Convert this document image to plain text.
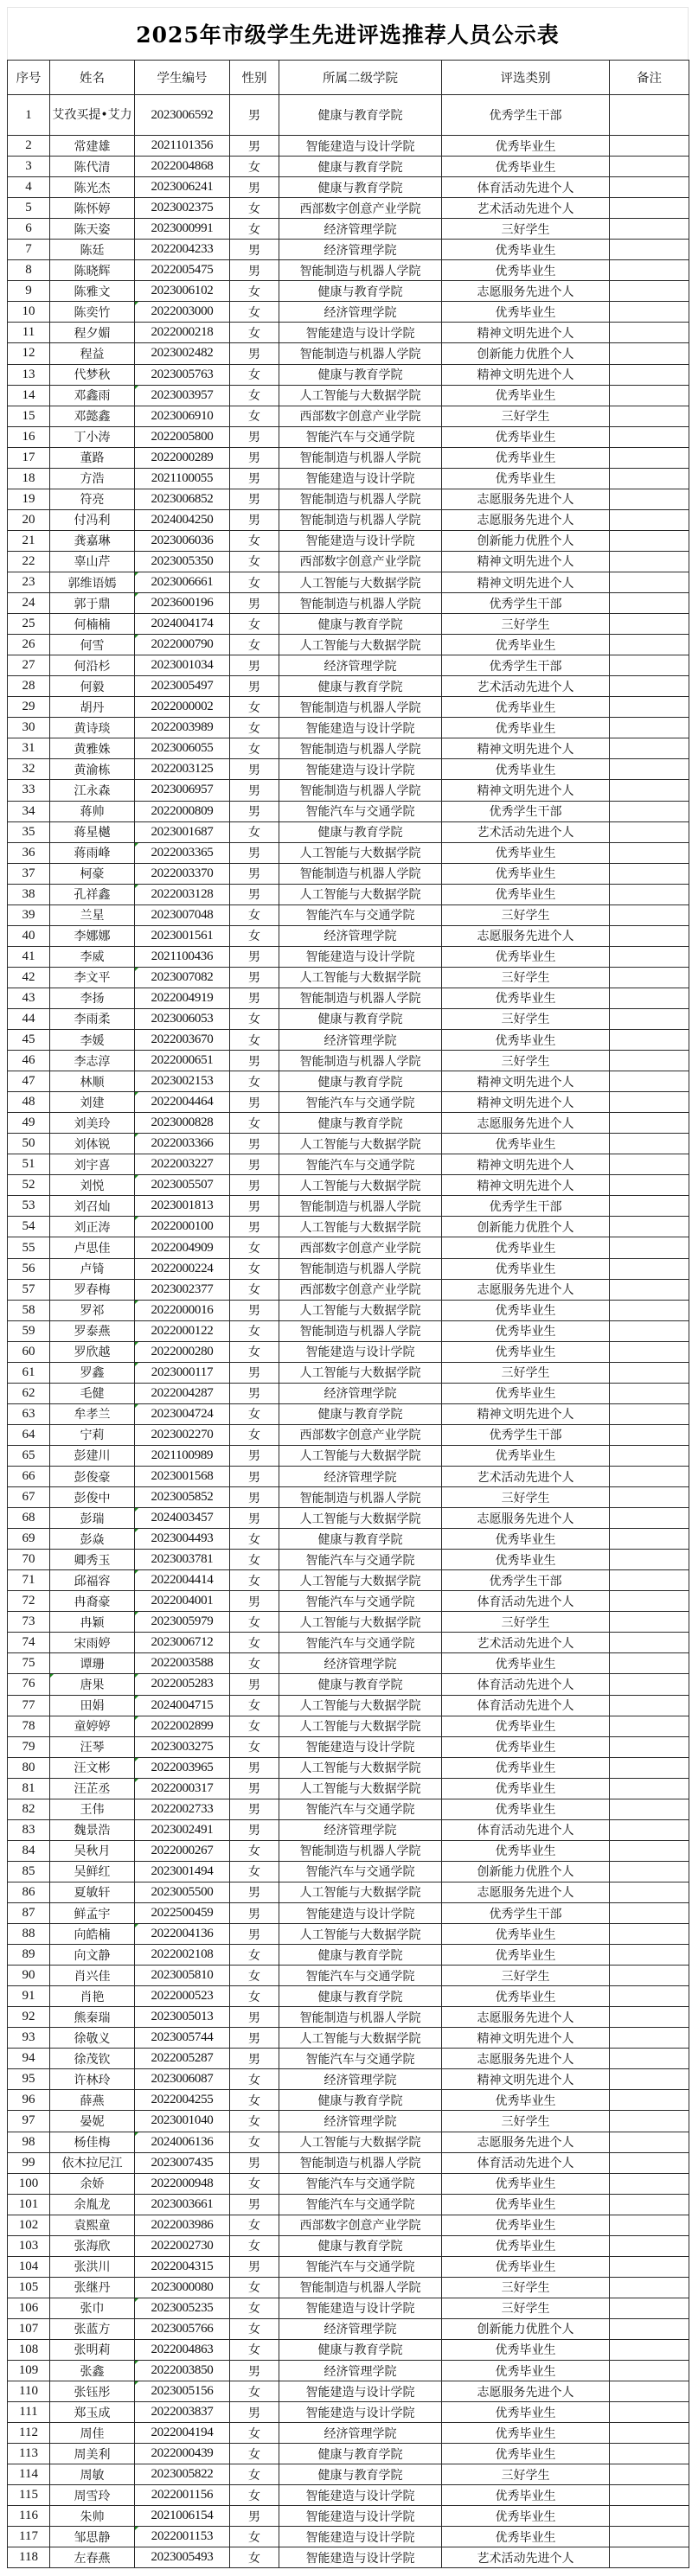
2025年市级学生先进评选推荐人员公示表
序号	姓名	学生编号	性别	所属二级学院	评选类别	备注
1	艾孜买提•艾力	2023006592	男	健康与教育学院	优秀学生干部	
2	常建雄	2021101356	男	智能建造与设计学院	优秀毕业生	
3	陈代清	2022004868	女	健康与教育学院	优秀毕业生	
4	陈光杰	2023006241	男	健康与教育学院	体育活动先进个人	
5	陈怀婷	2023002375	女	西部数字创意产业学院	艺术活动先进个人	
6	陈天姿	2023000991	女	经济管理学院	三好学生	
7	陈廷	2022004233	男	经济管理学院	优秀毕业生	
8	陈晓辉	2022005475	男	智能制造与机器人学院	优秀毕业生	
9	陈雅文	2023006102	女	健康与教育学院	志愿服务先进个人	
10	陈奕竹	2022003000	女	经济管理学院	优秀毕业生	
11	程夕媚	2022000218	女	智能建造与设计学院	精神文明先进个人	
12	程益	2023002482	男	智能制造与机器人学院	创新能力优胜个人	
13	代梦秋	2023005763	女	健康与教育学院	精神文明先进个人	
14	邓鑫雨	2023003957	女	人工智能与大数据学院	优秀毕业生	
15	邓懿鑫	2023006910	女	西部数字创意产业学院	三好学生	
16	丁小涛	2022005800	男	智能汽车与交通学院	优秀毕业生	
17	董路	2022000289	男	智能制造与机器人学院	优秀毕业生	
18	方浩	2021100055	男	智能建造与设计学院	优秀毕业生	
19	符亮	2023006852	男	智能制造与机器人学院	志愿服务先进个人	
20	付冯利	2024004250	男	智能制造与机器人学院	志愿服务先进个人	
21	龚嘉琳	2023006036	女	智能建造与设计学院	创新能力优胜个人	
22	辜山芹	2023005350	女	西部数字创意产业学院	精神文明先进个人	
23	郭维语嫣	2023006661	女	人工智能与大数据学院	精神文明先进个人	
24	郭于鼎	2023600196	男	智能制造与机器人学院	优秀学生干部	
25	何楠楠	2024004174	女	健康与教育学院	三好学生	
26	何雪	2022000790	女	人工智能与大数据学院	优秀毕业生	
27	何沿杉	2023001034	男	经济管理学院	优秀学生干部	
28	何毅	2023005497	男	健康与教育学院	艺术活动先进个人	
29	胡丹	2022000002	女	智能制造与机器人学院	优秀毕业生	
30	黄诗琰	2022003989	女	智能建造与设计学院	优秀毕业生	
31	黄雅姝	2023006055	女	智能制造与机器人学院	精神文明先进个人	
32	黄渝栋	2022003125	男	智能建造与设计学院	优秀毕业生	
33	江永森	2023006957	男	智能制造与机器人学院	精神文明先进个人	
34	蒋帅	2022000809	男	智能汽车与交通学院	优秀学生干部	
35	蒋星樾	2023001687	女	健康与教育学院	艺术活动先进个人	
36	蒋雨峰	2022003365	男	人工智能与大数据学院	优秀毕业生	
37	柯豪	2022003370	男	智能制造与机器人学院	优秀毕业生	
38	孔祥鑫	2022003128	男	人工智能与大数据学院	优秀毕业生	
39	兰星	2023007048	女	智能汽车与交通学院	三好学生	
40	李娜娜	2023001561	女	经济管理学院	志愿服务先进个人	
41	李威	2021100436	男	智能建造与设计学院	优秀毕业生	
42	李文平	2023007082	男	人工智能与大数据学院	三好学生	
43	李扬	2022004919	男	智能制造与机器人学院	优秀毕业生	
44	李雨柔	2023006053	女	健康与教育学院	三好学生	
45	李媛	2022003670	女	经济管理学院	优秀毕业生	
46	李志淳	2022000651	男	智能制造与机器人学院	三好学生	
47	林顺	2023002153	女	健康与教育学院	精神文明先进个人	
48	刘建	2022004464	男	智能汽车与交通学院	精神文明先进个人	
49	刘美玲	2023000828	女	健康与教育学院	志愿服务先进个人	
50	刘体锐	2022003366	男	人工智能与大数据学院	优秀毕业生	
51	刘宇喜	2022003227	男	智能汽车与交通学院	精神文明先进个人	
52	刘悦	2023005507	男	人工智能与大数据学院	精神文明先进个人	
53	刘召灿	2023001813	男	智能制造与机器人学院	优秀学生干部	
54	刘正涛	2022000100	男	人工智能与大数据学院	创新能力优胜个人	
55	卢思佳	2022004909	女	西部数字创意产业学院	优秀毕业生	
56	卢锜	2022000224	女	智能制造与机器人学院	优秀毕业生	
57	罗春梅	2023002377	女	西部数字创意产业学院	志愿服务先进个人	
58	罗祁	2022000016	男	人工智能与大数据学院	优秀毕业生	
59	罗泰燕	2022000122	女	智能制造与机器人学院	优秀毕业生	
60	罗欣越	2022000280	女	智能建造与设计学院	优秀毕业生	
61	罗鑫	2023000117	男	人工智能与大数据学院	三好学生	
62	毛健	2022004287	男	经济管理学院	优秀毕业生	
63	牟孝兰	2023004724	女	健康与教育学院	精神文明先进个人	
64	宁莉	2023002270	女	西部数字创意产业学院	优秀学生干部	
65	彭建川	2021100989	男	人工智能与大数据学院	优秀毕业生	
66	彭俊豪	2023001568	男	经济管理学院	艺术活动先进个人	
67	彭俊中	2023005852	男	智能制造与机器人学院	三好学生	
68	彭瑞	2024003457	男	人工智能与大数据学院	志愿服务先进个人	
69	彭焱	2023004493	女	健康与教育学院	优秀毕业生	
70	卿秀玉	2023003781	女	智能汽车与交通学院	优秀毕业生	
71	邱福容	2022004414	女	人工智能与大数据学院	优秀学生干部	
72	冉裔豪	2022004001	男	智能汽车与交通学院	体育活动先进个人	
73	冉颖	2023005979	女	人工智能与大数据学院	三好学生	
74	宋雨婷	2023006712	女	智能汽车与交通学院	艺术活动先进个人	
75	谭珊	2022003588	女	经济管理学院	优秀毕业生	
76	唐果	2022005283	男	健康与教育学院	体育活动先进个人	
77	田娟	2024004715	女	人工智能与大数据学院	体育活动先进个人	
78	童婷婷	2022002899	女	人工智能与大数据学院	优秀毕业生	
79	汪琴	2023003275	女	智能建造与设计学院	优秀毕业生	
80	汪文彬	2022003965	男	人工智能与大数据学院	优秀毕业生	
81	汪芷丞	2022000317	男	人工智能与大数据学院	优秀毕业生	
82	王伟	2022002733	男	智能汽车与交通学院	优秀毕业生	
83	魏景浩	2023002491	男	经济管理学院	体育活动先进个人	
84	吴秋月	2022000267	女	智能制造与机器人学院	优秀毕业生	
85	吴鲜红	2023001494	女	智能汽车与交通学院	创新能力优胜个人	
86	夏敏轩	2023005500	男	人工智能与大数据学院	志愿服务先进个人	
87	鲜孟宇	2022500459	男	智能建造与设计学院	优秀学生干部	
88	向皓楠	2022004136	男	人工智能与大数据学院	优秀毕业生	
89	向文静	2022002108	女	健康与教育学院	优秀毕业生	
90	肖兴佳	2023005810	女	智能汽车与交通学院	三好学生	
91	肖艳	2022000523	女	健康与教育学院	优秀毕业生	
92	熊秦瑞	2023005013	男	智能制造与机器人学院	志愿服务先进个人	
93	徐敬义	2023005744	男	人工智能与大数据学院	精神文明先进个人	
94	徐茂钦	2022005287	男	智能汽车与交通学院	志愿服务先进个人	
95	许林玲	2023006087	女	经济管理学院	精神文明先进个人	
96	薛燕	2022004255	女	健康与教育学院	优秀毕业生	
97	晏妮	2023001040	女	经济管理学院	三好学生	
98	杨佳梅	2024006136	女	人工智能与大数据学院	志愿服务先进个人	
99	依木拉尼江	2023007435	男	智能制造与机器人学院	体育活动先进个人	
100	余娇	2022000948	女	智能汽车与交通学院	优秀毕业生	
101	余胤龙	2023003661	男	智能汽车与交通学院	优秀毕业生	
102	袁熙童	2022003986	女	西部数字创意产业学院	优秀毕业生	
103	张海欣	2022002730	女	健康与教育学院	优秀毕业生	
104	张洪川	2022004315	男	智能汽车与交通学院	优秀毕业生	
105	张继丹	2023000080	女	智能制造与机器人学院	三好学生	
106	张巾	2023005235	女	智能建造与设计学院	三好学生	
107	张蓝方	2023005766	女	经济管理学院	创新能力优胜个人	
108	张明莉	2022004863	女	健康与教育学院	优秀毕业生	
109	张鑫	2022003850	男	经济管理学院	优秀毕业生	
110	张钰彤	2023005156	女	智能建造与设计学院	志愿服务先进个人	
111	郑玉成	2022003837	男	智能建造与设计学院	优秀毕业生	
112	周佳	2022004194	女	经济管理学院	优秀毕业生	
113	周美利	2022000439	女	健康与教育学院	优秀毕业生	
114	周敏	2023005822	女	健康与教育学院	三好学生	
115	周雪玲	2022001156	女	智能建造与设计学院	优秀毕业生	
116	朱帅	2021006154	男	智能建造与设计学院	优秀毕业生	
117	邹思静	2022001153	女	智能建造与设计学院	优秀毕业生	
118	左春燕	2023005493	女	智能建造与设计学院	艺术活动先进个人	
